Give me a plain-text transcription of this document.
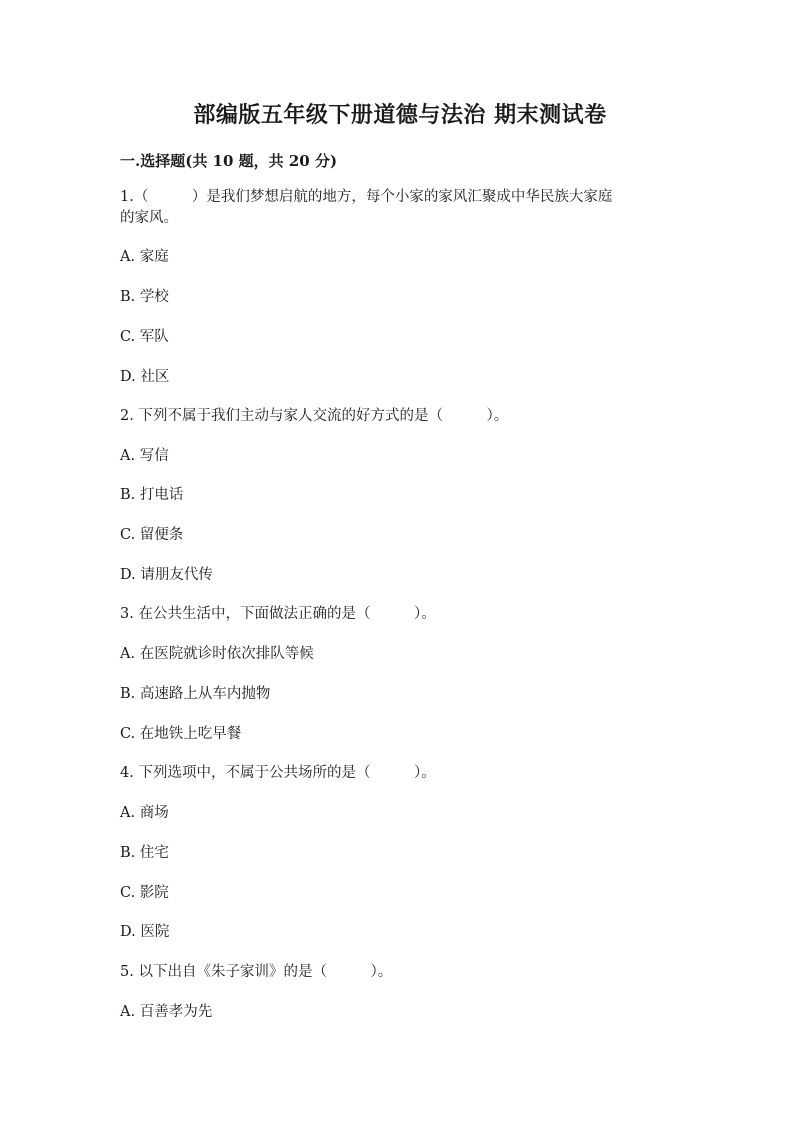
部编版五年级下册道德与法治 期末测试卷
一.选择题(共 10 题，共 20 分)
1.（　　　）是我们梦想启航的地方，每个小家的家风汇聚成中华民族大家庭
的家风。
A. 家庭
B. 学校
C. 军队
D. 社区
2. 下列不属于我们主动与家人交流的好方式的是（　　　）。
A. 写信
B. 打电话
C. 留便条
D. 请朋友代传
3. 在公共生活中，下面做法正确的是（　　　）。
A. 在医院就诊时依次排队等候
B. 高速路上从车内抛物
C. 在地铁上吃早餐
4. 下列选项中，不属于公共场所的是（　　　）。
A. 商场
B. 住宅
C. 影院
D. 医院
5. 以下出自《朱子家训》的是（　　　）。
A. 百善孝为先
